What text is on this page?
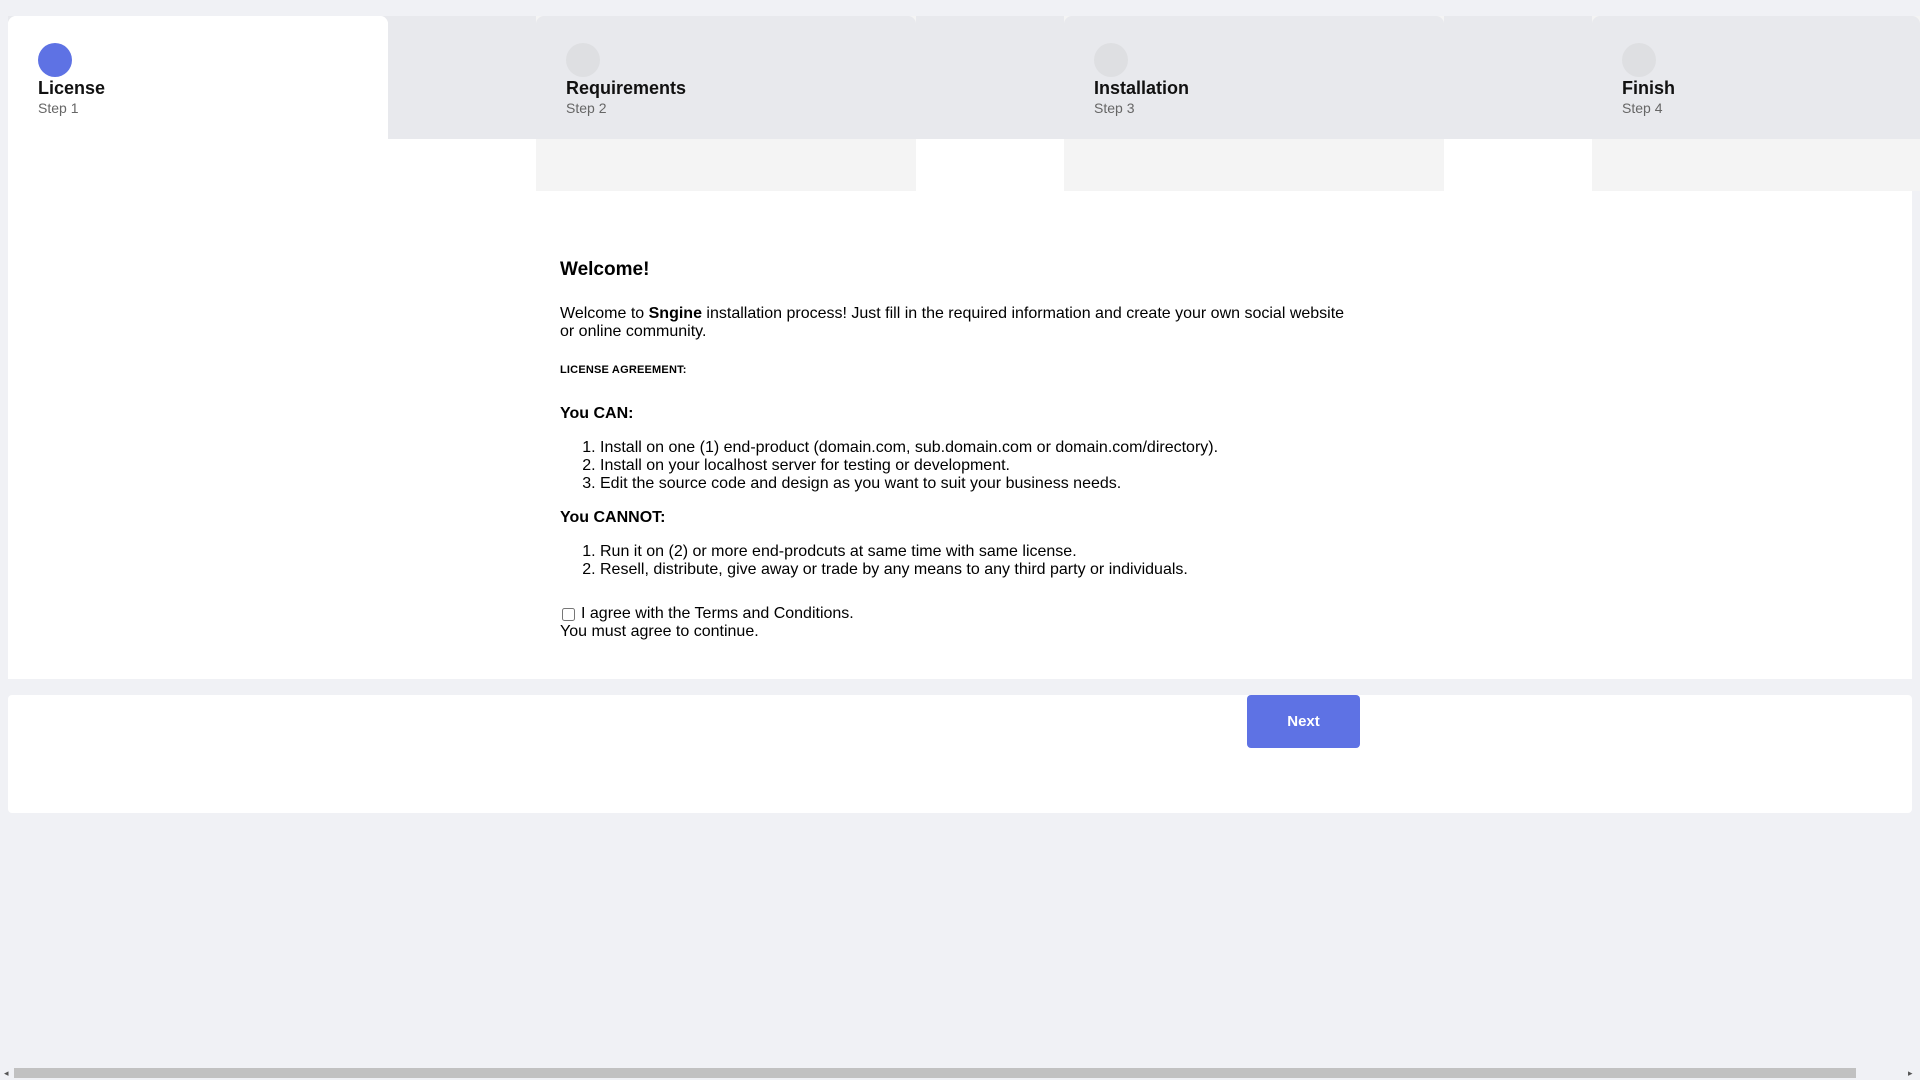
License
Step 1
Requirements
Step 2
Installation
Step 3
Finish
Step 4
Welcome!

Welcome to Sngine installation process! Just fill in the required information and create your own social website or online community.

LICENSE AGREEMENT:
You CAN:
1. Install on one (1) end-product (domain.com, sub.domain.com or domain.com/directory).
2. Install on your localhost server for testing or development.
3. Edit the source code and design as you want to suit your business needs.
You CANNOT:
1. Run it on (2) or more end-prodcuts at same time with same license.
2. Resell, distribute, give away or trade by any means to any third party or individuals.
I agree with the Terms and Conditions.
You must agree to continue.
Next
◂	▸
